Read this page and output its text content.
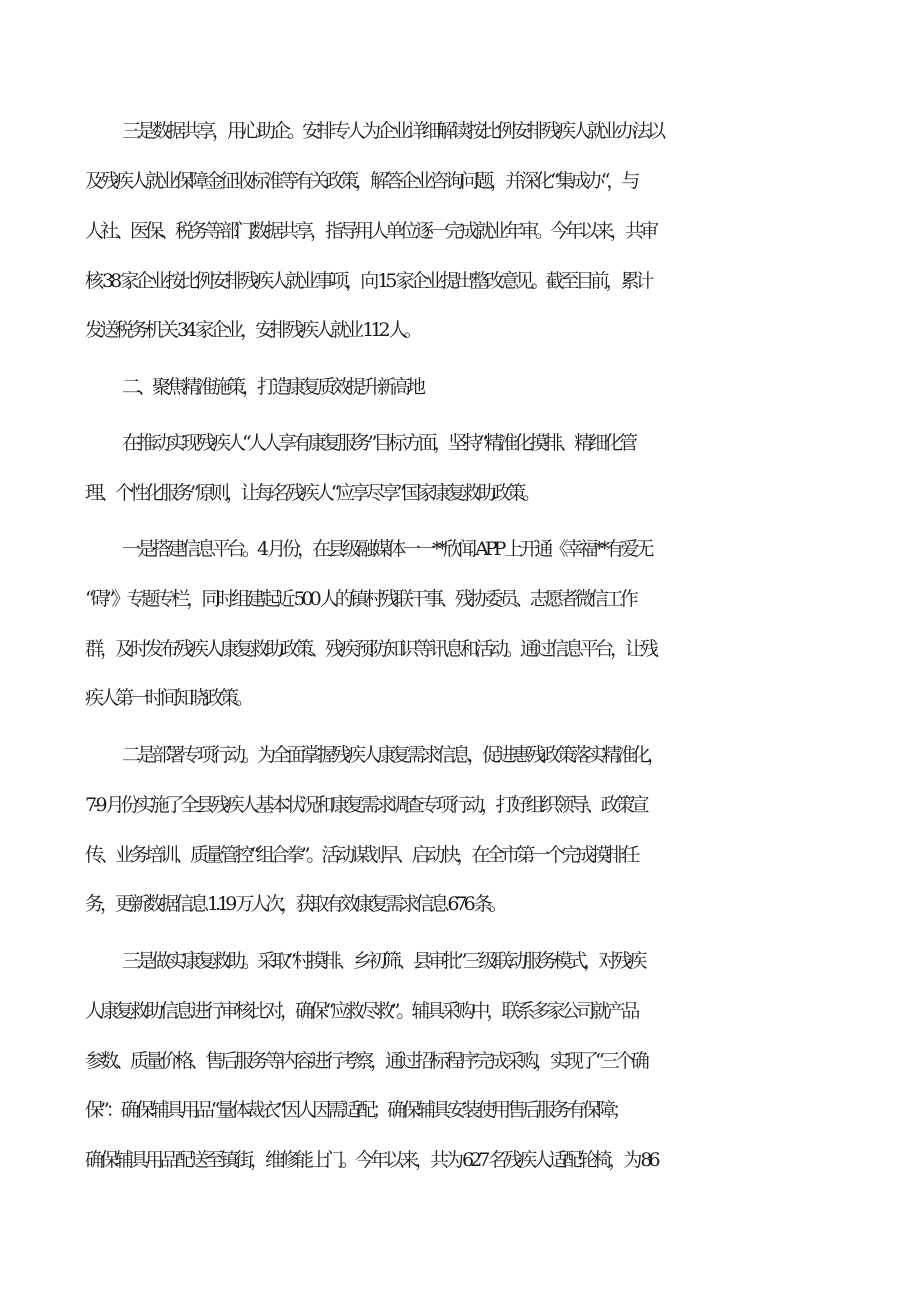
三是数据共享，用心助企。安排专人为企业详细解读按比例安排残疾人就业办法以

及残疾人就业保障金征收标准等有关政策，解答企业咨询问题，并深化“集成办“，与

人社、医保、税务等部门数据共享，指导用人单位逐一完成就业年审。今年以来，共审

核 38 家企业按比例安排残疾人就业事项，向 15 家企业提出整改意见。截至目前，累计

发送税务机关 34 家企业，安排残疾人就业 112 人。

二、聚焦精准施策，打造康复质效提升新高地

在推动实现残疾人“人人享有康复服务”目标方面，坚持“精准化摸排、精细化管

理、个性化服务”原则，让每名残疾人“应享尽享”国家康复救助政策。

一是搭建信息平台。4 月份，在县级融媒体一一**欣闻 APP 上开通《幸福**有爱无

“碍”》专题专栏，同时组建起近 500 人的镇村残联干事、残协委员、志愿者微信工作

群，及时发布残疾人康复救助政策、残疾预防知识等讯息和活动。通过信息平台，让残

疾人第一时间知晓政策。

二是部署专项行动。为全面掌握残疾人康复需求信息，促进惠残政策落实精准化，

7-9 月份实施了全县残疾人基本状况和康复需求调查专项行动，打好组织领导、政策宣

传、业务培训、质量管控“组合拳”。活动谋划早、启动快，在全市第一个完成摸排任

务，更新数据信息 1.19 万人次，获取有效康复需求信息 676 条。

三是做实康复救助。采取“村摸排、乡初筛、县审批”三级联动服务模式，对残疾

人康复救助信息进行审核比对，确保“应救尽救”。辅具采购中，联系多家公司就产品

参数、质量价格、售后服务等内容进行考察，通过招标程序完成采购，实现了“三个确

保”：确保辅具用品“量体裁衣”因人因需适配；确保辅具安装使用售后服务有保障；

确保辅具用品配送至镇街，维修能上门。今年以来，共为 627 名残疾人适配轮椅，为 86
